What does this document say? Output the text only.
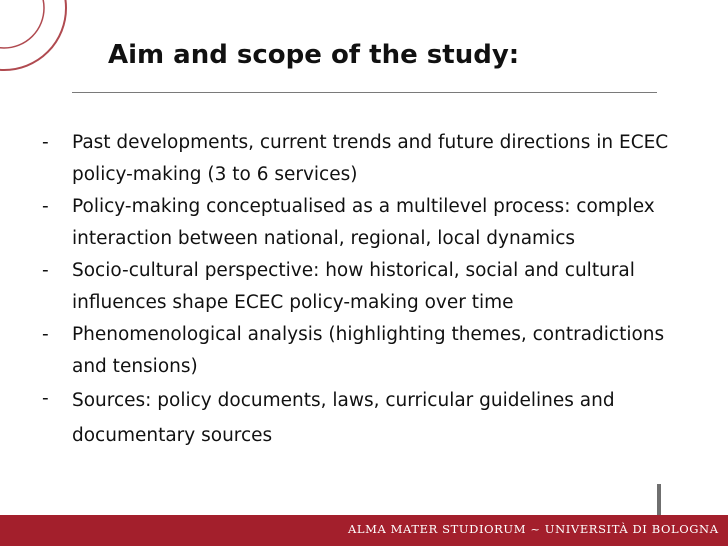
Aim and scope of the study:
- Past developments, current trends and future directions in ECEC policy-making (3 to 6 services)
- Policy-making conceptualised as a multilevel process: complex interaction between national, regional, local dynamics
- Socio-cultural perspective: how historical, social and cultural influences shape ECEC policy-making over time
- Phenomenological analysis (highlighting themes, contradictions and tensions)
- Sources: policy documents, laws, curricular guidelines and documentary sources
ALMA MATER STUDIORUM ~ UNIVERSITÀ DI BOLOGNA
